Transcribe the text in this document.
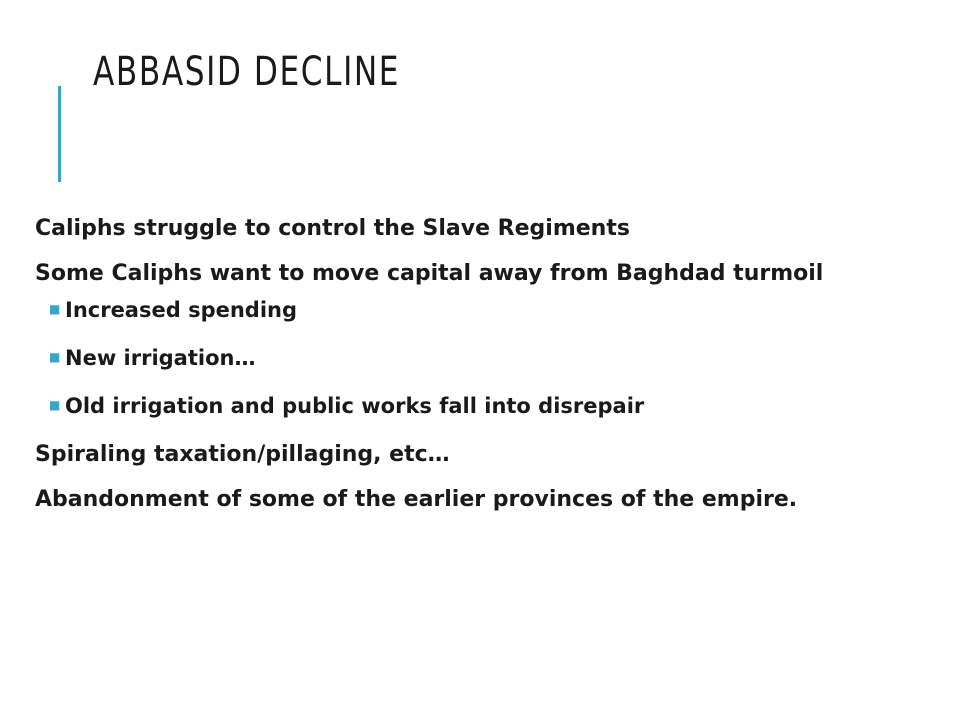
ABBASID DECLINE

Caliphs struggle to control the Slave Regiments

Some Caliphs want to move capital away from Baghdad turmoil

■ Increased spending
■ New irrigation…
■ Old irrigation and public works fall into disrepair

Spiraling taxation/pillaging, etc…

Abandonment of some of the earlier provinces of the empire.
